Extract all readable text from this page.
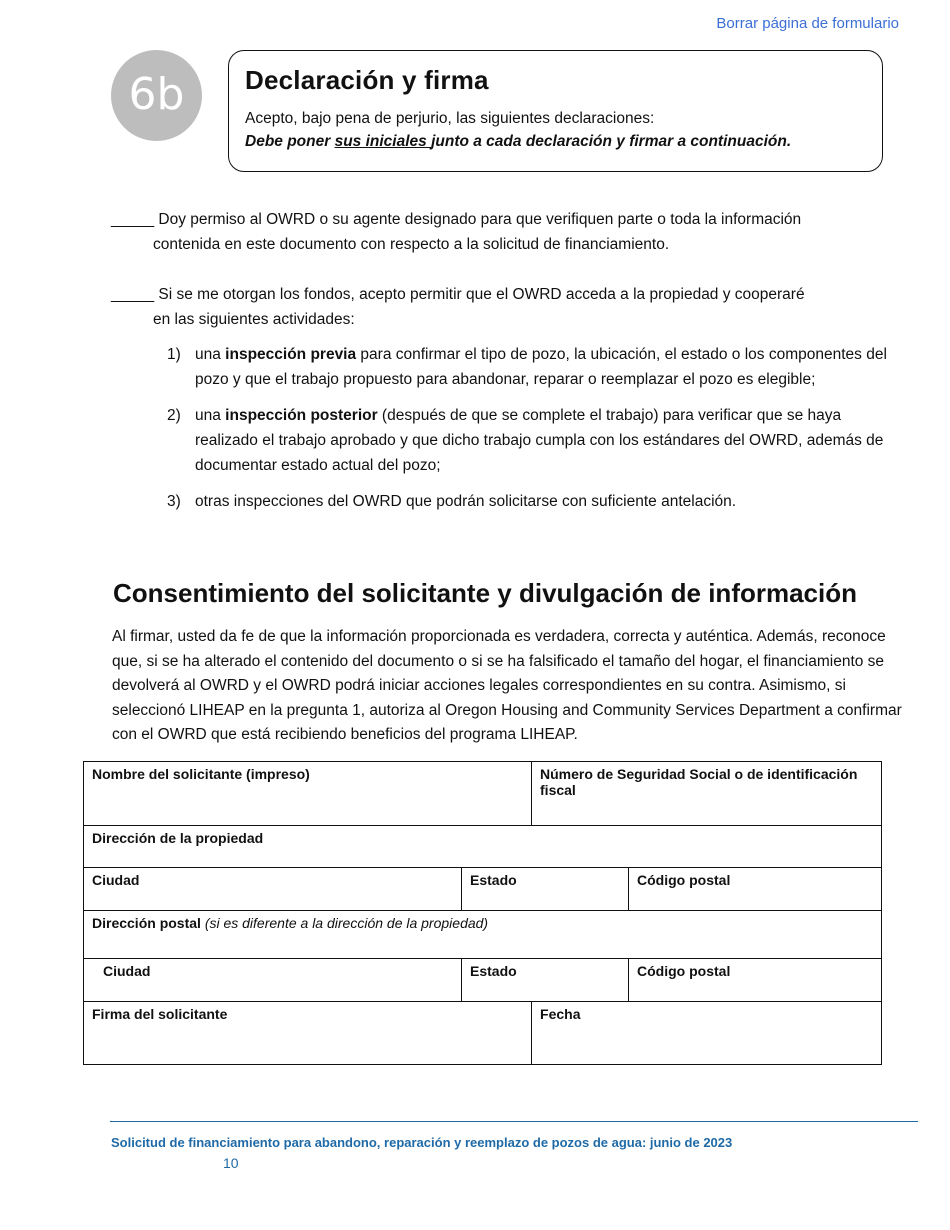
Borrar página de formulario
6b	Declaración y firma

Acepto, bajo pena de perjurio, las siguientes declaraciones:

Debe poner sus iniciales junto a cada declaración y firmar a continuación.

_____ Doy permiso al OWRD o su agente designado para que verifiquen parte o toda la información
contenida en este documento con respecto a la solicitud de financiamiento.
_____ Si se me otorgan los fondos, acepto permitir que el OWRD acceda a la propiedad y cooperaré
en las siguientes actividades:
1) una inspección previa para confirmar el tipo de pozo, la ubicación, el estado o los componentes del pozo y que el trabajo propuesto para abandonar, reparar o reemplazar el pozo es elegible;
2) una inspección posterior (después de que se complete el trabajo) para verificar que se haya realizado el trabajo aprobado y que dicho trabajo cumpla con los estándares del OWRD, además de documentar estado actual del pozo;
3) otras inspecciones del OWRD que podrán solicitarse con suficiente antelación.
Consentimiento del solicitante y divulgación de información

Al firmar, usted da fe de que la información proporcionada es verdadera, correcta y auténtica. Además, reconoce que, si se ha alterado el contenido del documento o si se ha falsificado el tamaño del hogar, el financiamiento se devolverá al OWRD y el OWRD podrá iniciar acciones legales correspondientes en su contra. Asimismo, si seleccionó LIHEAP en la pregunta 1, autoriza al Oregon Housing and Community Services Department a confirmar con el OWRD que está recibiendo beneficios del programa LIHEAP.

Nombre del solicitante (impreso)		Número de Seguridad Social o de identificación fiscal	
Dirección de la propiedad			
Ciudad	Estado		Código postal
Dirección postal (si es diferente a la dirección de la propiedad)			
Ciudad	Estado		Código postal
Firma del solicitante		Fecha	
Solicitud de financiamiento para abandono, reparación y reemplazo de pozos de agua: junio de 2023
10
